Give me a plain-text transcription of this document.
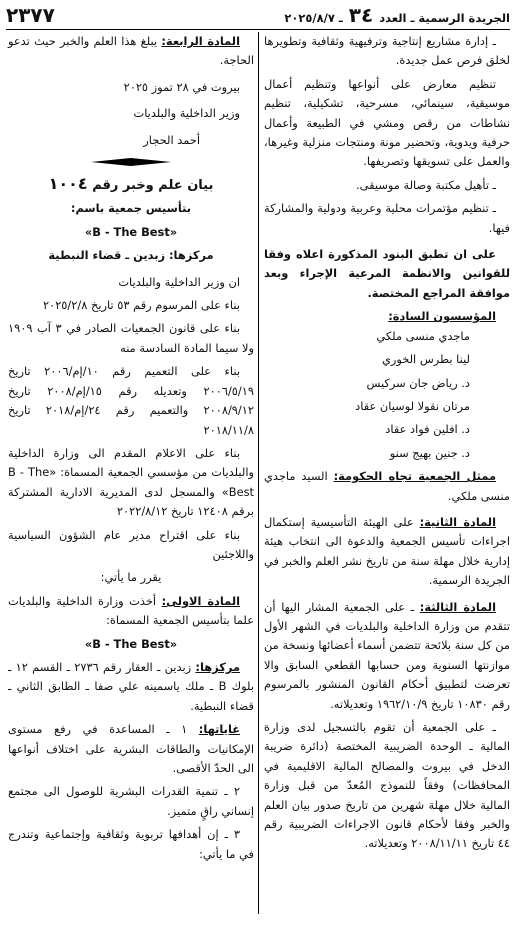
الجريدة الرسمية ـ العدد
٣٤
ـ ٢٠٢٥/٨/٧
٢٣٧٧

ـ إدارة مشاريع إنتاجية وترفيهية وثقافية وتطويرها لخلق فرص عمل جديدة.

تنظيم معارض على أنواعها وتنظيم أعمال موسيقية، سينمائي، مسرحية، تشكيلية، تنظيم نشاطات من رقص ومشي في الطبيعة وأعمال حرفية ويدوية، وتحضير مونة ومنتجات منزلية وغيرها، والعمل على تسويقها وتصريفها.

ـ تأهيل مكتبة وصالة موسيقى.

ـ تنظيم مؤتمرات محلية وعربية ودولية والمشاركة فيها.

على ان تطبق البنود المذكورة اعلاه وفقا للقوانين والانظمة المرعية الإجراء وبعد موافقة المراجع المختصة.

المؤسسون السادة:

ماجدي منسى ملكي

لينا بطرس الخوري

د. رياض جان سركيس

مرتان نقولا لوسيان عقاد

د. افلين فواد عقاد

د. جنين بهيج سنو

ممثل الجمعية تجاه الحكومة: السيد ماجدي منسى ملكي.

المادة الثانية: على الهيئة التأسيسية إستكمال اجراءات تأسيس الجمعية والدعوة الى انتخاب هيئة إدارية خلال مهلة سنة من تاريخ نشر العلم والخبر في الجريدة الرسمية.

المادة الثالثة: ـ على الجمعية المشار اليها أن تتقدم من وزارة الداخلية والبلديات في الشهر الأول من كل سنة بلائحة تتضمن أسماء أعضائها ونسخة من موازنتها السنوية ومن حسابها القطعي السابق والا تعرضت لتطبيق أحكام القانون المنشور بالمرسوم رقم ١٠٨٣٠ تاريخ ١٩٦٢/١٠/٩ وتعديلاته.

ـ على الجمعية أن تقوم بالتسجيل لدى وزارة المالية ـ الوحدة الضريبية المختصة (دائرة ضريبة الدخل في بيروت والمصالح المالية الاقليمية في المحافظات) وفقاً للنموذج المُعدّ من قبل وزارة المالية خلال مهلة شهرين من تاريخ صدور بيان العلم والخبر وفقا لأحكام قانون الاجراءات الضريبية رقم ٤٤ تاريخ ٢٠٠٨/١١/١١ وتعديلاته.

المادة الرابعة: يبلغ هذا العلم والخبر حيث تدعو الحاجة.

بيروت في ٢٨ تموز ٢٠٢٥

وزير الداخلية والبلديات

أحمد الحجار

بيان علم وخبر رقم ١٠٠٤

بتأسيس جمعية باسم:

«B - The Best»

مركزها: زبدين ـ قضاء النبطية

ان وزير الداخلية والبلديات

بناء على المرسوم رقم ٥٣ تاريخ ٢٠٢٥/٢/٨

بناء على قانون الجمعيات الصادر في ٣ آب ١٩٠٩ ولا سيما المادة السادسة منه

بناء على التعميم رقم ١٠/إم/٢٠٠٦ تاريخ ٢٠٠٦/٥/١٩ وتعديله رقم ١٥/إم/٢٠٠٨ تاريخ ٢٠٠٨/٩/١٢ والتعميم رقم ٢٤/إم/٢٠١٨ تاريخ ٢٠١٨/١١/٨

بناء على الاعلام المقدم الى وزارة الداخلية والبلديات من مؤسسي الجمعية المسماة: «B - The Best» والمسجل لدى المديرية الادارية المشتركة برقم ١٢٤٠٨ تاريخ ٢٠٢٢/٨/١٢

بناء على اقتراح مدير عام الشؤون السياسية واللاجئين

يقرر ما يأتي:

المادة الاولى: أخذت وزارة الداخلية والبلديات علما بتأسيس الجمعية المسماة:

«B - The Best»

مركزها: زبدين ـ العقار رقم ٢٧٣٦ ـ القسم ١٢ ـ بلوك B ـ ملك ياسمينه علي صفا ـ الطابق الثاني ـ قضاء النبطية.

غاياتها: ١ ـ المساعدة في رفع مستوى الإمكانيات والطاقات البشرية على اختلاف أنواعها الى الحدّ الأقصى.

٢ ـ تنمية القدرات البشرية للوصول الى مجتمع إنساني راقٍ متميز.

٣ ـ إن أهدافها تربوية وثقافية وإجتماعية وتندرج في ما يأتي:
